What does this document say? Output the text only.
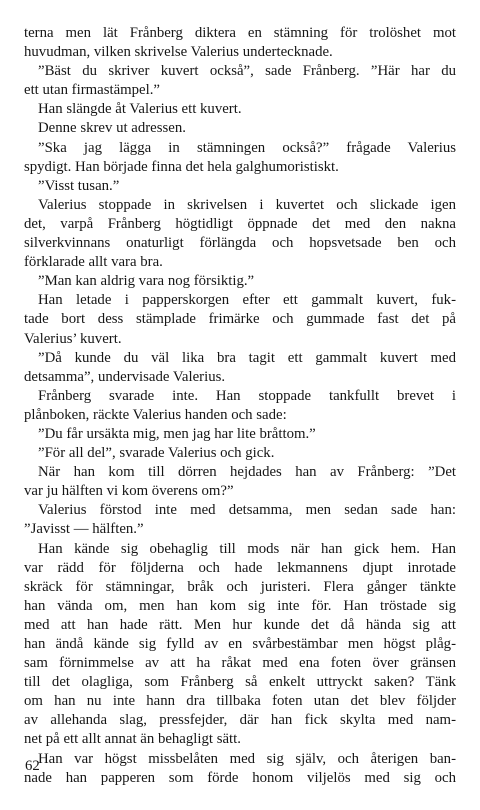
terna men lät Frånberg diktera en stämning för trolöshet mot
huvudman, vilken skrivelse Valerius undertecknade.
”Bäst du skriver kuvert också”, sade Frånberg. ”Här har du
ett utan firmastämpel.”
Han slängde åt Valerius ett kuvert.
Denne skrev ut adressen.
”Ska jag lägga in stämningen också?” frågade Valerius
spydigt. Han började finna det hela galghumoristiskt.
”Visst tusan.”
Valerius stoppade in skrivelsen i kuvertet och slickade igen
det, varpå Frånberg högtidligt öppnade det med den nakna
silverkvinnans onaturligt förlängda och hopsvetsade ben och
förklarade allt vara bra.
”Man kan aldrig vara nog försiktig.”
Han letade i papperskorgen efter ett gammalt kuvert, fuk-
tade bort dess stämplade frimärke och gummade fast det på
Valerius’ kuvert.
”Då kunde du väl lika bra tagit ett gammalt kuvert med
detsamma”, undervisade Valerius.
Frånberg svarade inte. Han stoppade tankfullt brevet i
plånboken, räckte Valerius handen och sade:
”Du får ursäkta mig, men jag har lite bråttom.”
”För all del”, svarade Valerius och gick.
När han kom till dörren hejdades han av Frånberg: ”Det
var ju hälften vi kom överens om?”
Valerius förstod inte med detsamma, men sedan sade han:
”Javisst — hälften.”
Han kände sig obehaglig till mods när han gick hem. Han
var rädd för följderna och hade lekmannens djupt inrotade
skräck för stämningar, bråk och juristeri. Flera gånger tänkte
han vända om, men han kom sig inte för. Han tröstade sig
med att han hade rätt. Men hur kunde det då hända sig att
han ändå kände sig fylld av en svårbestämbar men högst plåg-
sam förnimmelse av att ha råkat med ena foten över gränsen
till det olagliga, som Frånberg så enkelt uttryckt saken? Tänk
om han nu inte hann dra tillbaka foten utan det blev följder
av allehanda slag, pressfejder, där han fick skylta med nam-
net på ett allt annat än behagligt sätt.
Han var högst missbelåten med sig själv, och återigen ban-
nade han papperen som förde honom viljelös med sig och
62
